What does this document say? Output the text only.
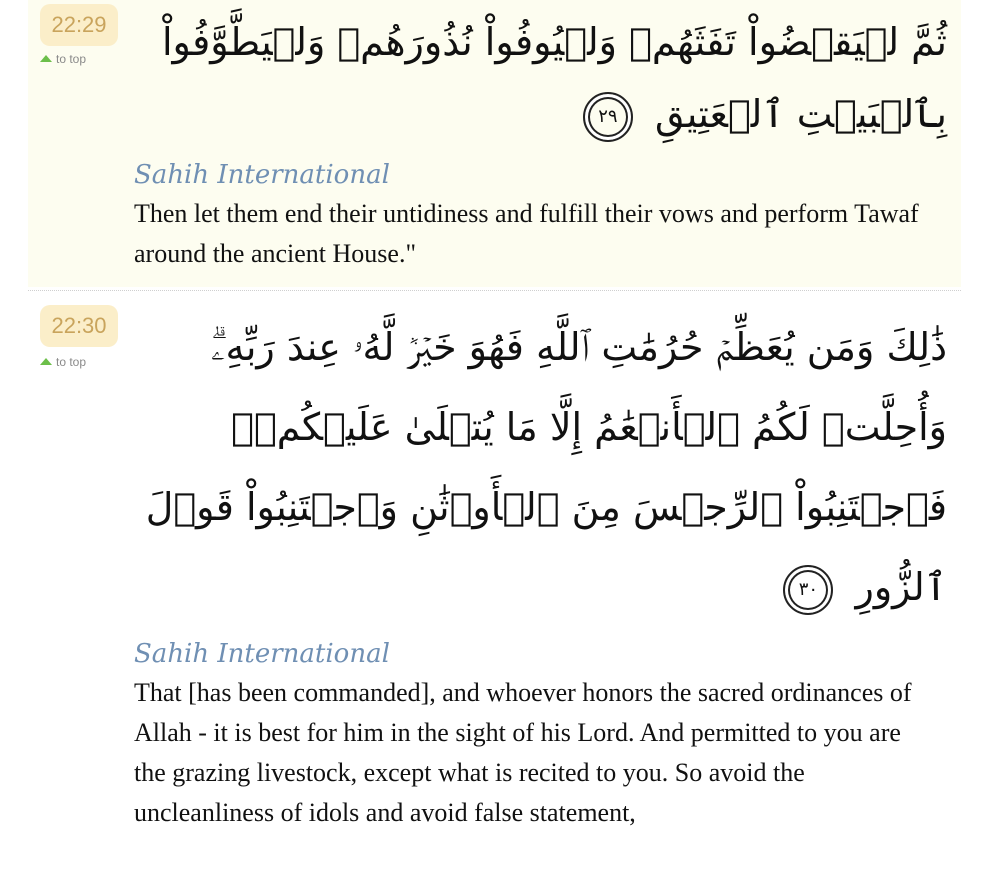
22:29
to top ثُمَّ لۡيَقۡضُواْ تَفَثَهُمۡ وَلۡيُوفُواْ نُذُورَهُمۡ وَلۡيَطَّوَّفُواْ
بِٱلۡبَيۡتِ ٱلۡعَتِيقِ ٢٩
Sahih International
Then let them end their untidiness and fulfill their vows and perform Tawaf around the ancient House."
22:30
to top	ذَٰلِكَ وَمَن يُعَظِّمۡ حُرُمَٰتِ ٱللَّهِ فَهُوَ خَيۡرٞ لَّهُۥ عِندَ رَبِّهِۦۗ
وَأُحِلَّتۡ لَكُمُ ٱلۡأَنۡعَٰمُ إِلَّا مَا يُتۡلَىٰ عَلَيۡكُمۡۖ
فَٱجۡتَنِبُواْ ٱلرِّجۡسَ مِنَ ٱلۡأَوۡثَٰنِ وَٱجۡتَنِبُواْ قَوۡلَ
ٱلزُّورِ ٣٠
Sahih International
That [has been commanded], and whoever honors the sacred ordinances of Allah - it is best for him in the sight of his Lord. And permitted to you are the grazing livestock, except what is recited to you. So avoid the uncleanliness of idols and avoid false statement,
